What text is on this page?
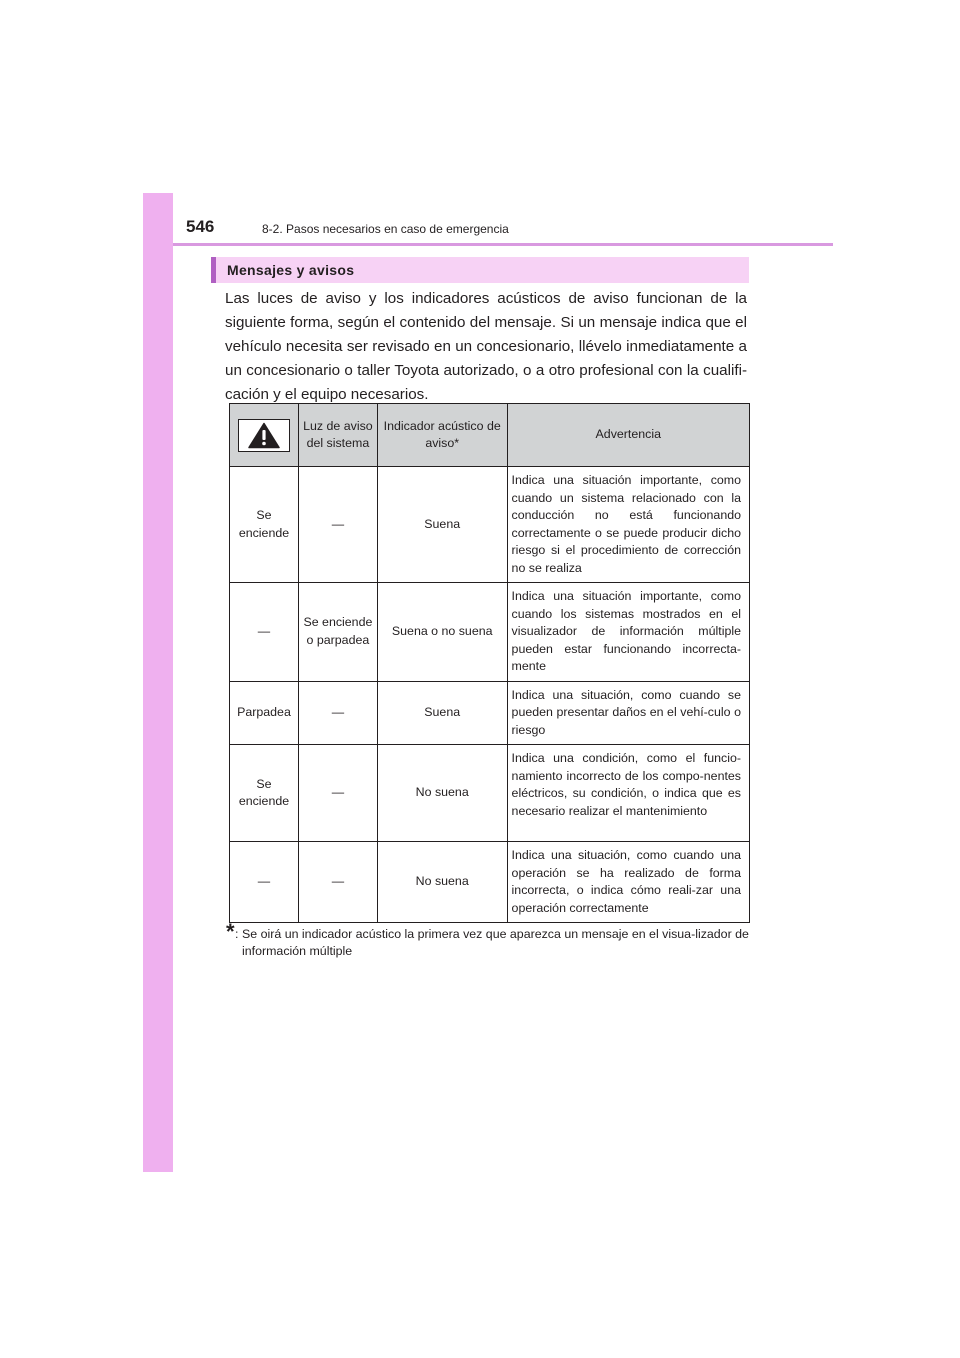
546	8-2. Pasos necesarios en caso de emergencia
Mensajes y avisos

Las luces de aviso y los indicadores acústicos de aviso funcionan de la siguiente forma, según el contenido del mensaje. Si un mensaje indica que el vehículo necesita ser revisado en un concesionario, llévelo inmediatamente a un concesionario o taller Toyota autorizado, o a otro profesional con la cualifi-cación y el equipo necesarios.

	Luz de aviso del sistema	Indicador acústico de aviso*	Advertencia
Se enciende	—	Suena	Indica una situación importante, como cuando un sistema relacionado con la conducción no está funcionando correctamente o se puede producir dicho riesgo si el procedimiento de corrección no se realiza
—	Se enciende o parpadea	Suena o no suena	Indica una situación importante, como cuando los sistemas mostrados en el visualizador de información múltiple pueden estar funcionando incorrecta-mente
Parpadea	—	Suena	Indica una situación, como cuando se pueden presentar daños en el vehí-culo o riesgo
Se enciende	—	No suena	Indica una condición, como el funcio-namiento incorrecto de los compo-nentes eléctricos, su condición, o indica que es necesario realizar el mantenimiento
—	—	No suena	Indica una situación, como cuando una operación se ha realizado de forma incorrecta, o indica cómo reali-zar una operación correctamente
* : Se oirá un indicador acústico la primera vez que aparezca un mensaje en el visua-lizador de información múltiple
